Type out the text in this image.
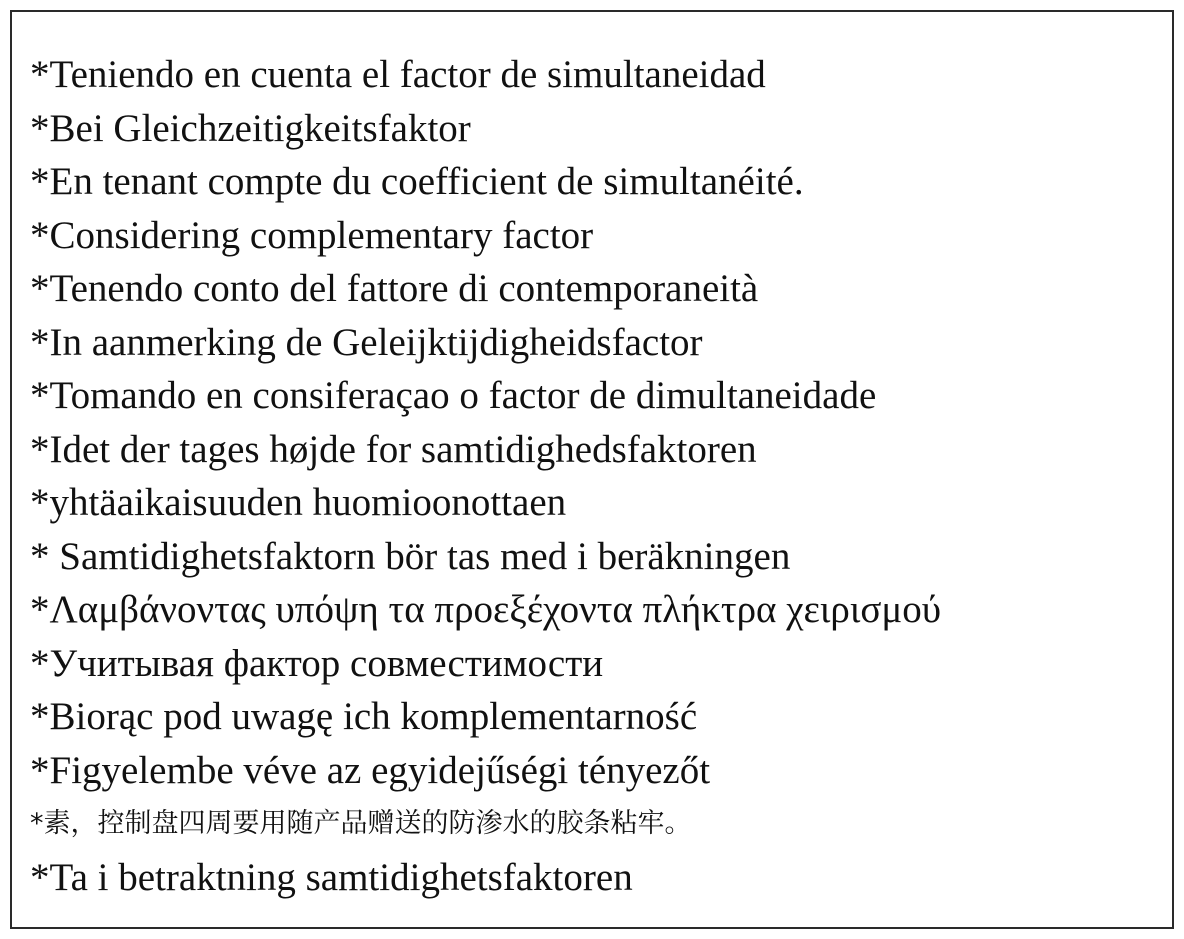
*Teniendo en cuenta el factor de simultaneidad
*Bei Gleichzeitigkeitsfaktor
*En tenant compte du coefficient de simultanéité.
*Considering complementary factor
*Tenendo conto del fattore di contemporaneità
*In aanmerking de Geleijktijdigheidsfactor
*Tomando en consiferaçao o factor de dimultaneidade
*Idet der tages højde for samtidighedsfaktoren
*yhtäaikaisuuden huomioonottaen
* Samtidighetsfaktorn bör tas med i beräkningen
*Λαμβάνοντας υπόψη τα προεξέχοντα πλήκτρα χειρισμού
*Учитывая фактор совместимости
*Biorąc pod uwagę ich komplementarność
*Figyelembe véve az egyidejűségi tényezőt
*素，控制盘四周要用随产品赠送的防渗水的胶条粘牢。
*Ta i betraktning samtidighetsfaktoren
